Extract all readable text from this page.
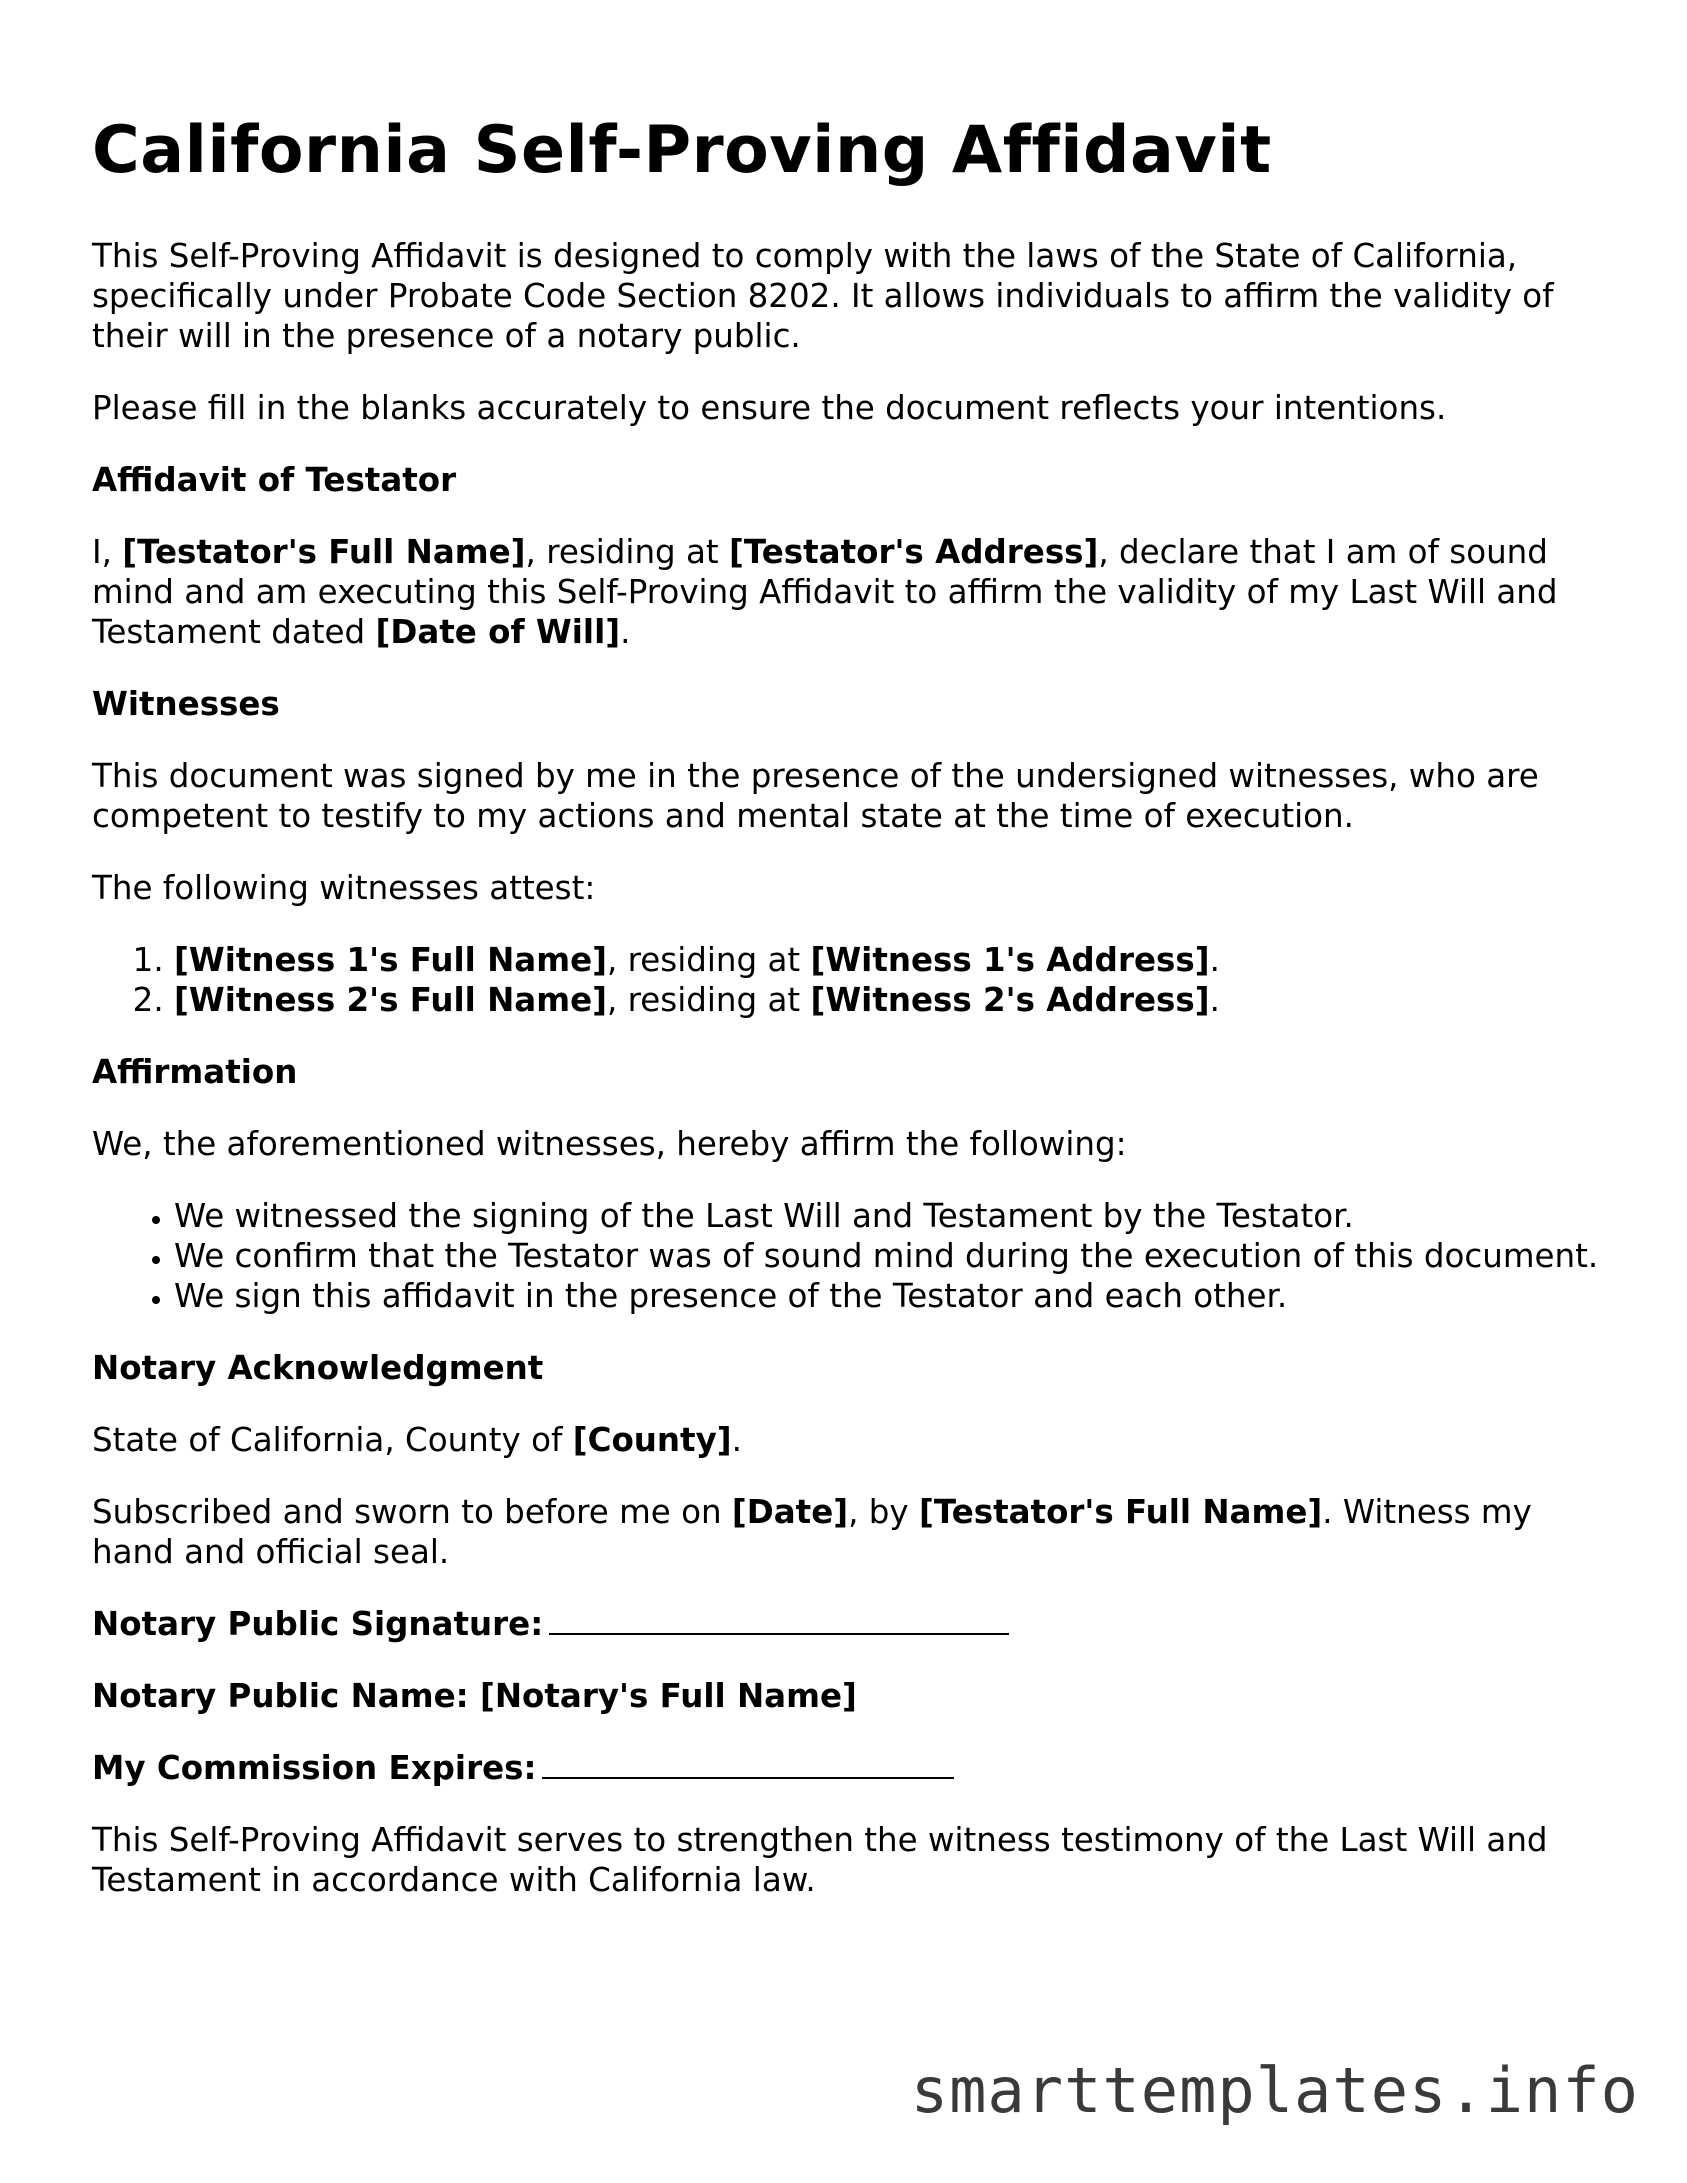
California Self-Proving Affidavit

This Self-Proving Affidavit is designed to comply with the laws of the State of California, specifically under Probate Code Section 8202. It allows individuals to affirm the validity of their will in the presence of a notary public.

Please fill in the blanks accurately to ensure the document reflects your intentions.

Affidavit of Testator

I, [Testator's Full Name], residing at [Testator's Address], declare that I am of sound mind and am executing this Self-Proving Affidavit to affirm the validity of my Last Will and Testament dated [Date of Will].

Witnesses

This document was signed by me in the presence of the undersigned witnesses, who are competent to testify to my actions and mental state at the time of execution.

The following witnesses attest:

1. [Witness 1's Full Name], residing at [Witness 1's Address].
2. [Witness 2's Full Name], residing at [Witness 2's Address].

Affirmation

We, the aforementioned witnesses, hereby affirm the following:

• We witnessed the signing of the Last Will and Testament by the Testator.
• We confirm that the Testator was of sound mind during the execution of this document.
• We sign this affidavit in the presence of the Testator and each other.

Notary Acknowledgment

State of California, County of [County].

Subscribed and sworn to before me on [Date], by [Testator's Full Name]. Witness my hand and official seal.

Notary Public Signature:

Notary Public Name: [Notary's Full Name]

My Commission Expires:

This Self-Proving Affidavit serves to strengthen the witness testimony of the Last Will and Testament in accordance with California law.

smarttemplates.info
